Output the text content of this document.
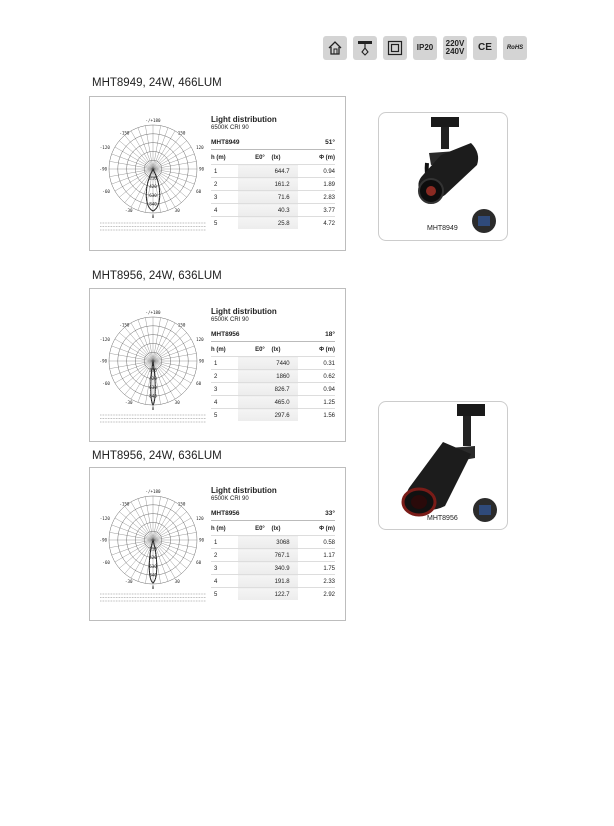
IP20	220V 240V	CE	RoHS
MHT8949, 24W, 466LUM
-/+180
-150	150
-120	120
-90	90
-60	60
-30	30
0
210
420
630
840
Light distribution
6500K CRI 90
MHT8949	51°
h (m)	E0° (lx)	Φ (m)
1	644.7	0.94
2	161.2	1.89
3	71.6	2.83
4	40.3	3.77
5	25.8	4.72
MHT8956, 24W, 636LUM
-/+180
-150	150
-120	120
-90	90
-60	60
-30	30
0
210
420
630
840
Light distribution
6500K CRI 90
MHT8956	18°
h (m)	E0° (lx)	Φ (m)
1	7440	0.31
2	1860	0.62
3	826.7	0.94
4	465.0	1.25
5	297.6	1.56
MHT8956, 24W, 636LUM
-/+180
-150	150
-120	120
-90	90
-60	60
-30	30
0
210
420
630
840
Light distribution
6500K CRI 90
MHT8956	33°
h (m)	E0° (lx)	Φ (m)
1	3068	0.58
2	767.1	1.17
3	340.9	1.75
4	191.8	2.33
5	122.7	2.92
MHT8949
MHT8956
